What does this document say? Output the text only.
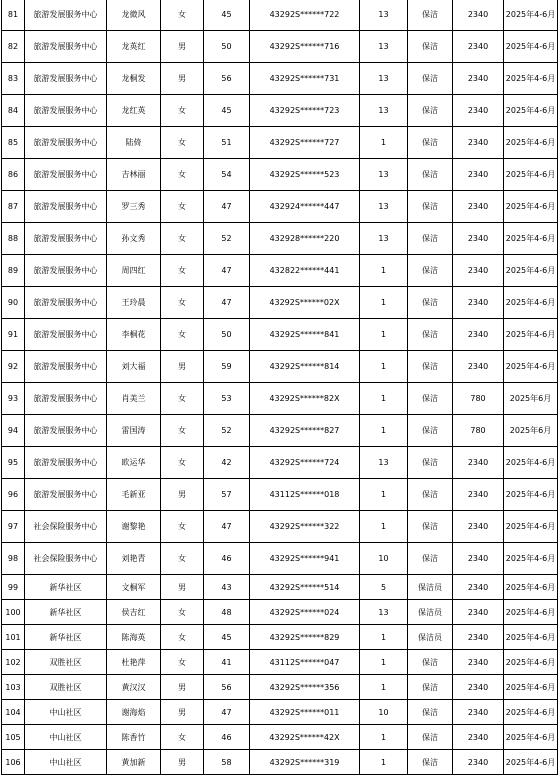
81	旅游发展服务中心	龙微风	女	45	43292S******722	13	保洁	2340	2025年4-6月
82	旅游发展服务中心	龙英红	男	50	43292S******716	13	保洁	2340	2025年4-6月
83	旅游发展服务中心	龙桐发	男	56	43292S******731	13	保洁	2340	2025年4-6月
84	旅游发展服务中心	龙红英	女	45	43292S******723	13	保洁	2340	2025年4-6月
85	旅游发展服务中心	陆倚	女	51	43292S******727	1	保洁	2340	2025年4-6月
86	旅游发展服务中心	吉林丽	女	54	43292S******523	13	保洁	2340	2025年4-6月
87	旅游发展服务中心	罗三秀	女	47	432924******447	13	保洁	2340	2025年4-6月
88	旅游发展服务中心	孙文秀	女	52	432928******220	13	保洁	2340	2025年4-6月
89	旅游发展服务中心	周四红	女	47	432822******441	1	保洁	2340	2025年4-6月
90	旅游发展服务中心	王玲晨	女	47	43292S******02X	1	保洁	2340	2025年4-6月
91	旅游发展服务中心	李桐花	女	50	43292S******841	1	保洁	2340	2025年4-6月
92	旅游发展服务中心	刘大福	男	59	43292S******814	1	保洁	2340	2025年4-6月
93	旅游发展服务中心	肖美兰	女	53	43292S******82X	1	保洁	780	2025年6月
94	旅游发展服务中心	雷国涛	女	52	43292S******827	1	保洁	780	2025年6月
95	旅游发展服务中心	欧运华	女	42	43292S******724	13	保洁	2340	2025年4-6月
96	旅游发展服务中心	毛新亚	男	57	43112S******018	1	保洁	2340	2025年4-6月
97	社会保险服务中心	谢黎艳	女	47	43292S******322	1	保洁	2340	2025年4-6月
98	社会保险服务中心	刘艳青	女	46	43292S******941	10	保洁	2340	2025年4-6月
99	新华社区	文桐军	男	43	43292S******514	5	保洁员	2340	2025年4-6月
100	新华社区	侯吉红	女	48	43292S******024	13	保洁员	2340	2025年4-6月
101	新华社区	陈海英	女	45	43292S******829	1	保洁员	2340	2025年4-6月
102	双胜社区	杜艳萍	女	41	43112S******047	1	保洁	2340	2025年4-6月
103	双胜社区	黄汉汉	男	56	43292S******356	1	保洁	2340	2025年4-6月
104	中山社区	谢海焰	男	47	43292S******011	10	保洁	2340	2025年4-6月
105	中山社区	陈香竹	女	46	43292S******42X	1	保洁	2340	2025年4-6月
106	中山社区	黄加新	男	58	43292S******319	1	保洁	2340	2025年4-6月
